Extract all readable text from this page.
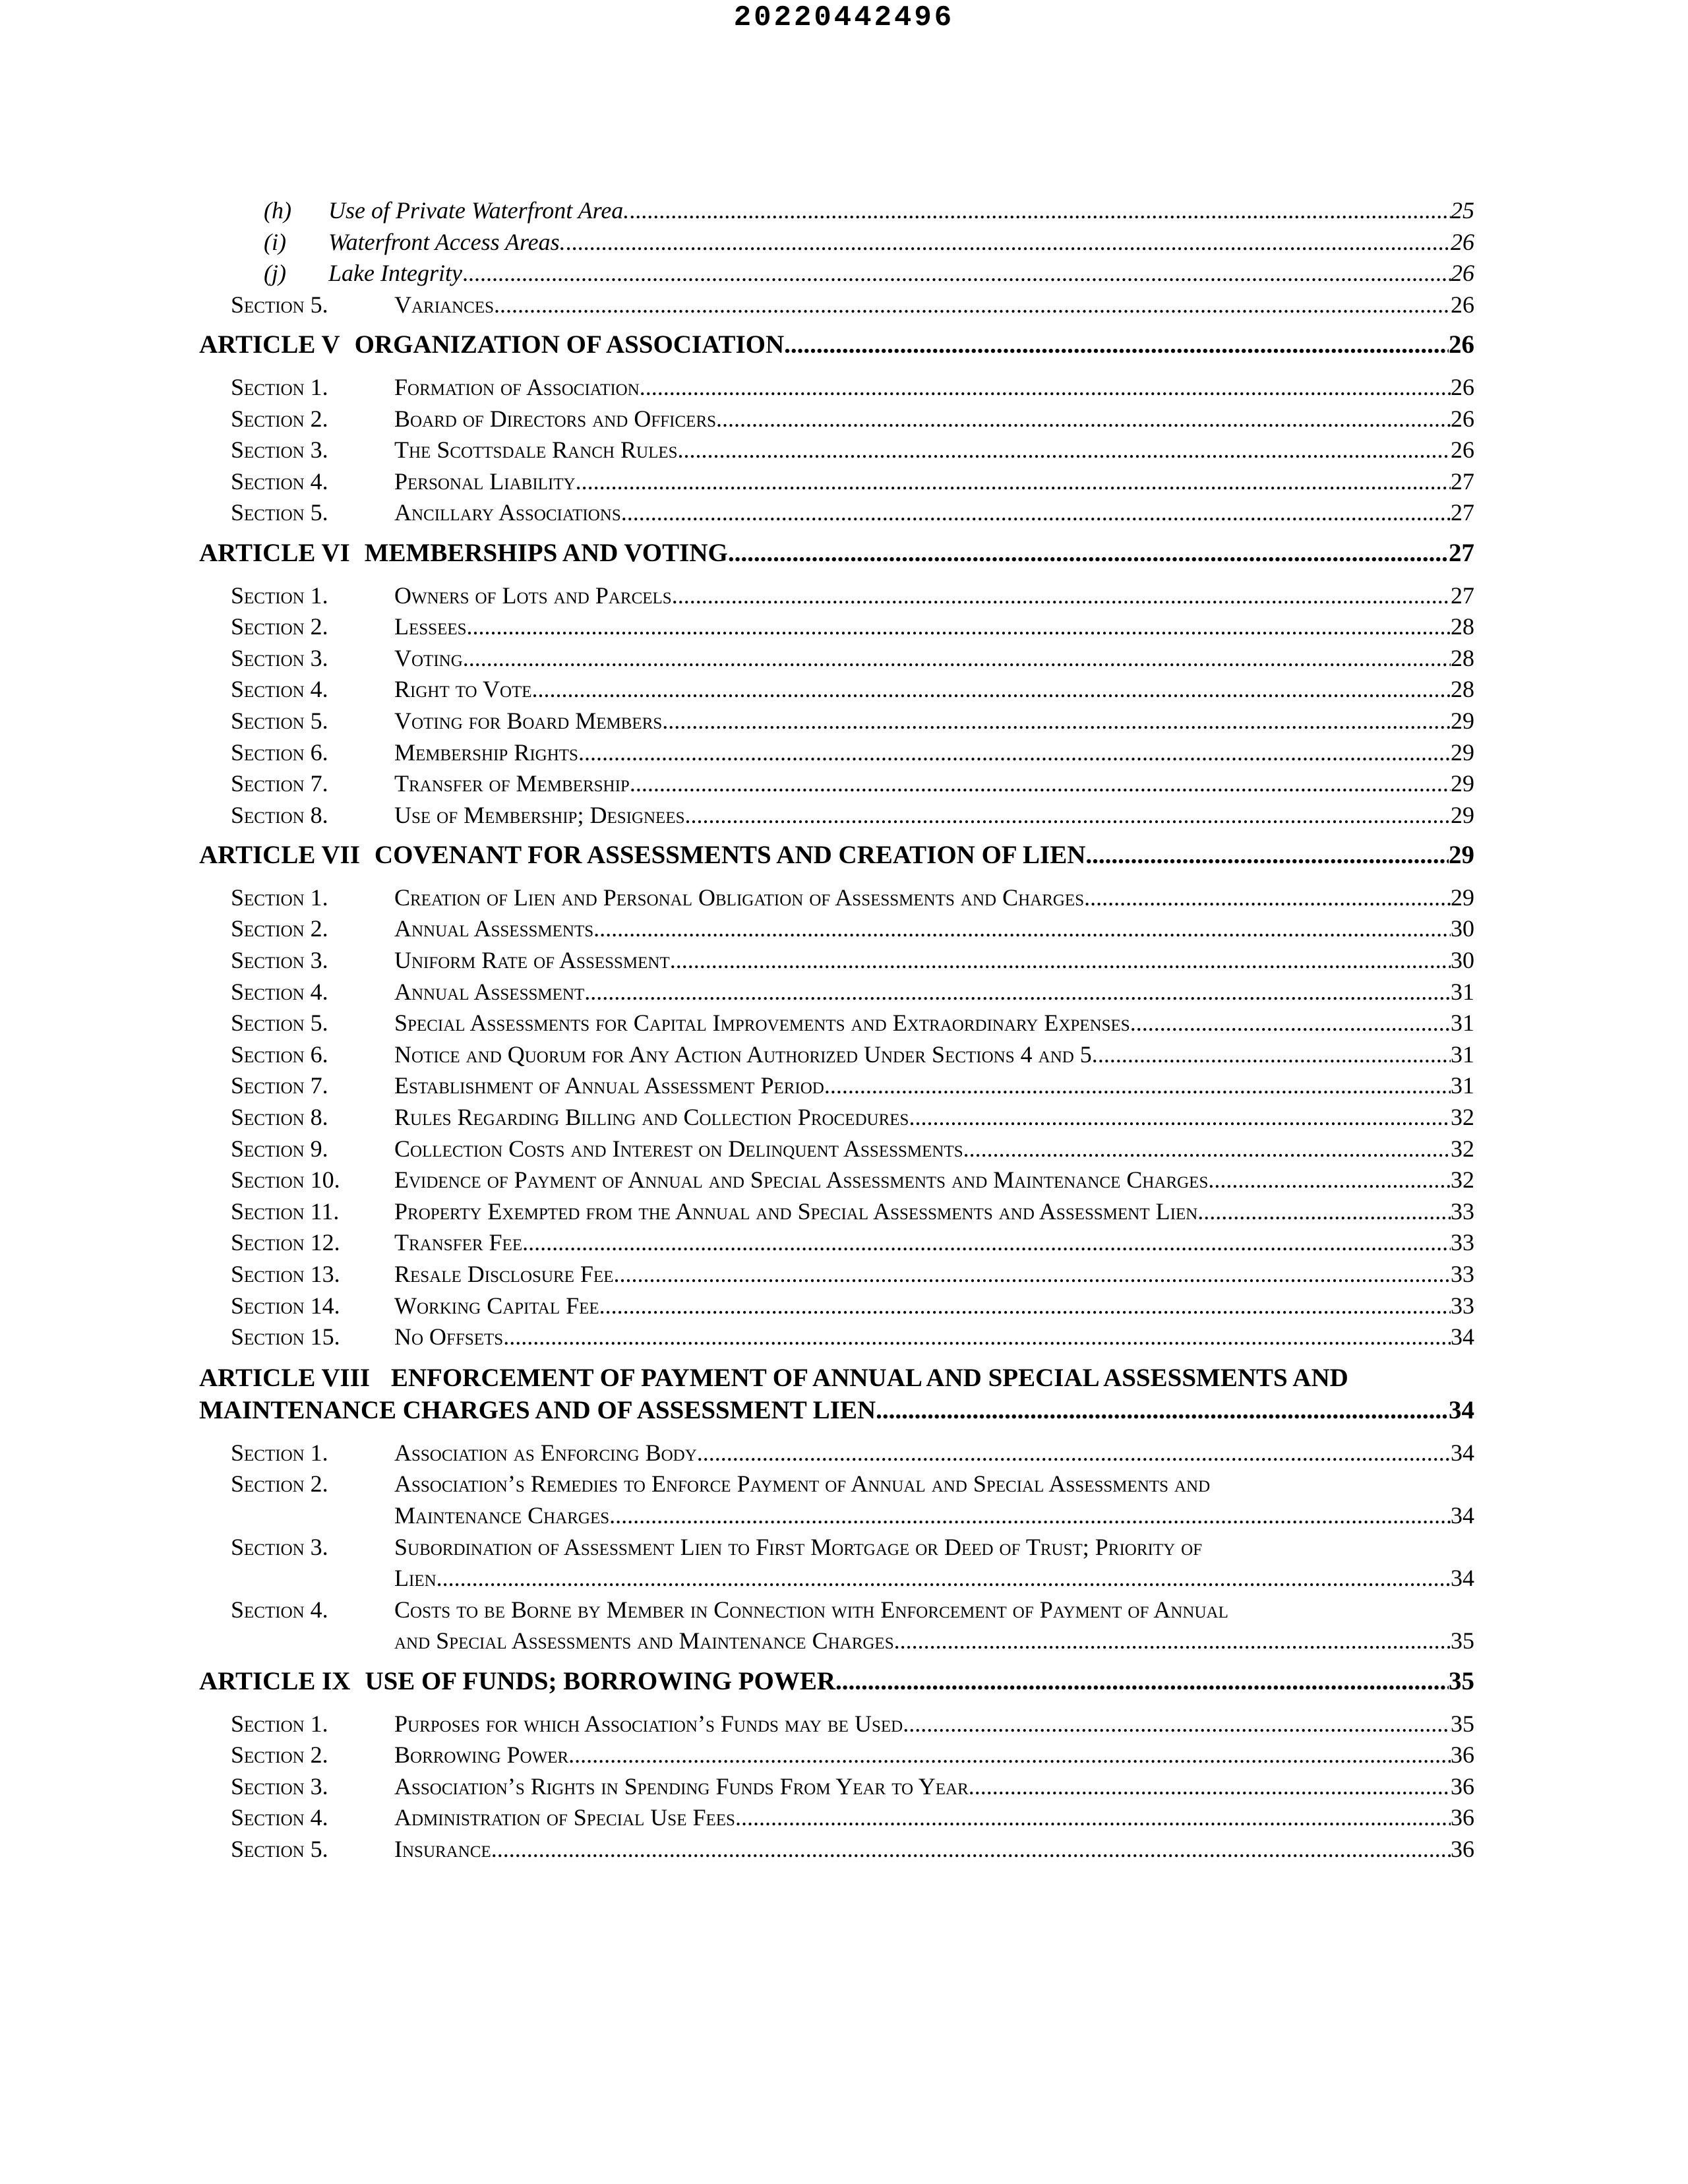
20220442496
(h)	Use of Private Waterfront Area. .....	25
(i)	Waterfront Access Areas. .....	26
(j)	Lake Integrity .....	26
Section 5.	Variances .....	26
ARTICLE V ORGANIZATION OF ASSOCIATION .....	26
Section 1.	Formation of Association. .....	26
Section 2.	Board of Directors and Officers. .....	26
Section 3.	The Scottsdale Ranch Rules. .....	26
Section 4.	Personal Liability .....	27
Section 5.	Ancillary Associations. .....	27
ARTICLE VI MEMBERSHIPS AND VOTING .....	27
Section 1.	Owners of Lots and Parcels. .....	27
Section 2.	Lessees. .....	28
Section 3.	Voting .....	28
Section 4.	Right to Vote. .....	28
Section 5.	Voting for Board Members. .....	29
Section 6.	Membership Rights. .....	29
Section 7.	Transfer of Membership .....	29
Section 8.	Use of Membership; Designees. .....	29
ARTICLE VII COVENANT FOR ASSESSMENTS AND CREATION OF LIEN .....	29
Section 1.	Creation of Lien and Personal Obligation of Assessments and Charges. .....	29
Section 2.	Annual Assessments. .....	30
Section 3.	Uniform Rate of Assessment. .....	30
Section 4.	Annual Assessment .....	31
Section 5.	Special Assessments for Capital Improvements and Extraordinary Expenses .....	31
Section 6.	Notice and Quorum for Any Action Authorized Under Sections 4 and 5. .....	31
Section 7.	Establishment of Annual Assessment Period. .....	31
Section 8.	Rules Regarding Billing and Collection Procedures. .....	32
Section 9.	Collection Costs and Interest on Delinquent Assessments .....	32
Section 10.	Evidence of Payment of Annual and Special Assessments and Maintenance Charges. .....	32
Section 11.	Property Exempted from the Annual and Special Assessments and Assessment Lien. .....	33
Section 12.	Transfer Fee .....	33
Section 13.	Resale Disclosure Fee. .....	33
Section 14.	Working Capital Fee .....	33
Section 15.	No Offsets .....	34
ARTICLE VIII ENFORCEMENT OF PAYMENT OF ANNUAL AND SPECIAL ASSESSMENTS AND
MAINTENANCE CHARGES AND OF ASSESSMENT LIEN .....	34
Section 1.	Association as Enforcing Body. .....	34
Section 2.	Association’s Remedies to Enforce Payment of Annual and Special Assessments and
Maintenance Charges. .....	34
Section 3.	Subordination of Assessment Lien to First Mortgage or Deed of Trust; Priority of
Lien .....	34
Section 4.	Costs to be Borne by Member in Connection with Enforcement of Payment of Annual
and Special Assessments and Maintenance Charges. .....	35
ARTICLE IX USE OF FUNDS; BORROWING POWER .....	35
Section 1.	Purposes for which Association’s Funds may be Used .....	35
Section 2.	Borrowing Power. .....	36
Section 3.	Association’s Rights in Spending Funds From Year to Year .....	36
Section 4.	Administration of Special Use Fees. .....	36
Section 5.	Insurance. .....	36
